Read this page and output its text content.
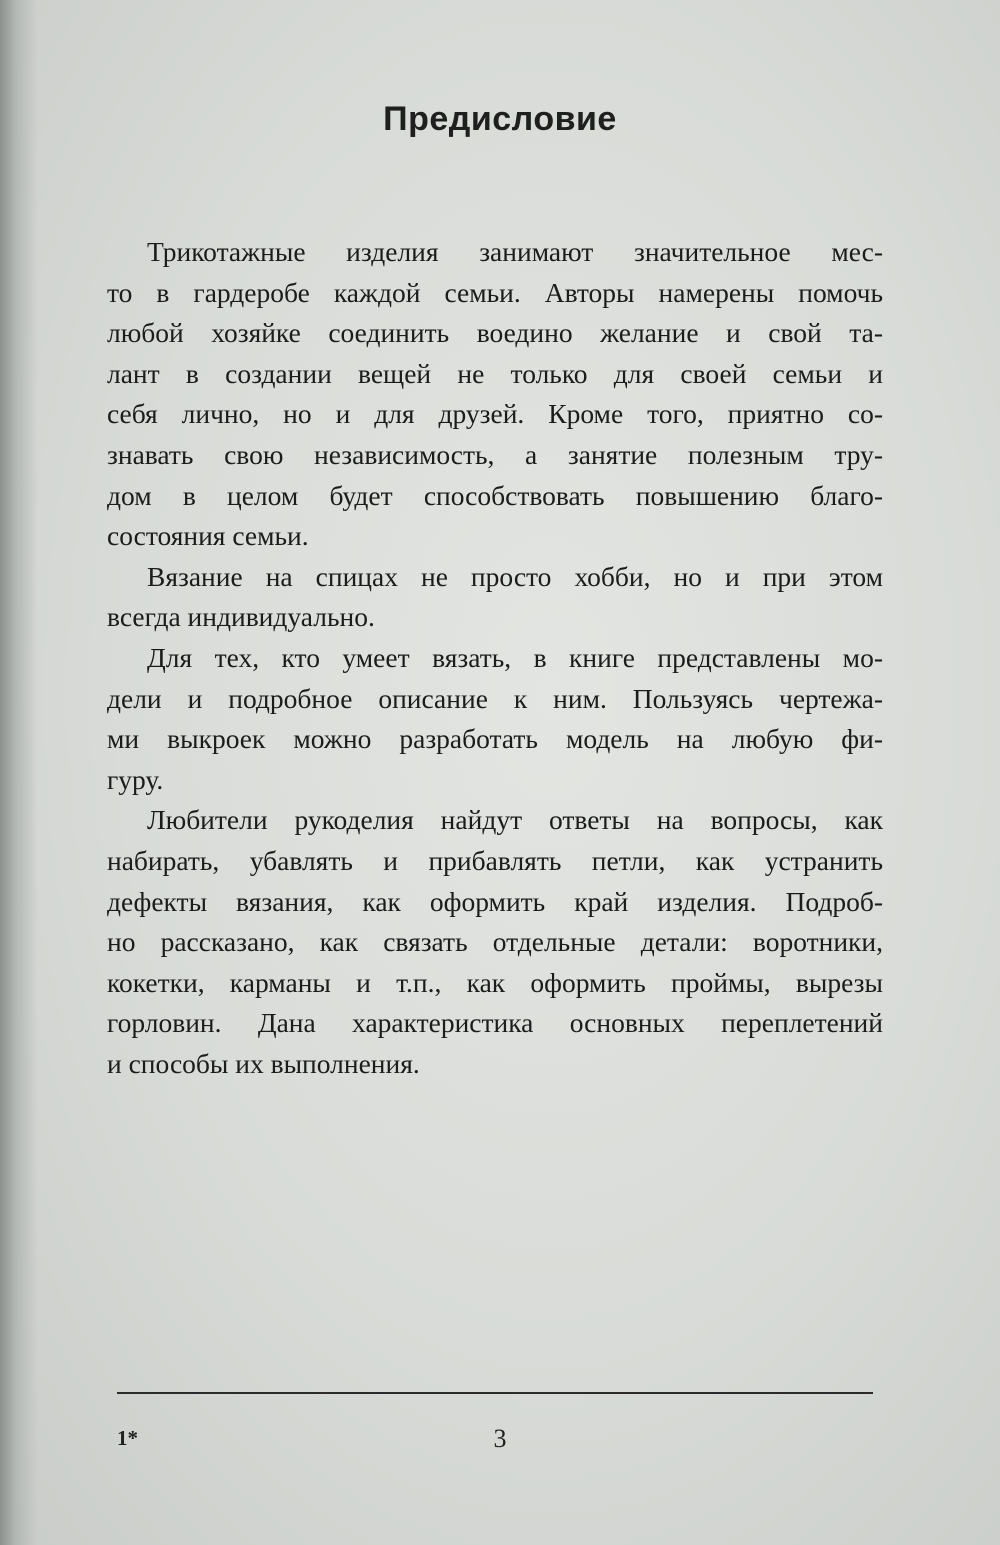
Предисловие
Трикотажные изделия занимают значительное мес-
то в гардеробе каждой семьи. Авторы намерены помочь
любой хозяйке соединить воедино желание и свой та-
лант в создании вещей не только для своей семьи и
себя лично, но и для друзей. Кроме того, приятно со-
знавать свою независимость, а занятие полезным тру-
дом в целом будет способствовать повышению благо-
состояния семьи.
Вязание на спицах не просто хобби, но и при этом
всегда индивидуально.
Для тех, кто умеет вязать, в книге представлены мо-
дели и подробное описание к ним. Пользуясь чертежа-
ми выкроек можно разработать модель на любую фи-
гуру.
Любители рукоделия найдут ответы на вопросы, как
набирать, убавлять и прибавлять петли, как устранить
дефекты вязания, как оформить край изделия. Подроб-
но рассказано, как связать отдельные детали: воротники,
кокетки, карманы и т.п., как оформить проймы, вырезы
горловин. Дана характеристика основных переплетений
и способы их выполнения.
1*	3
